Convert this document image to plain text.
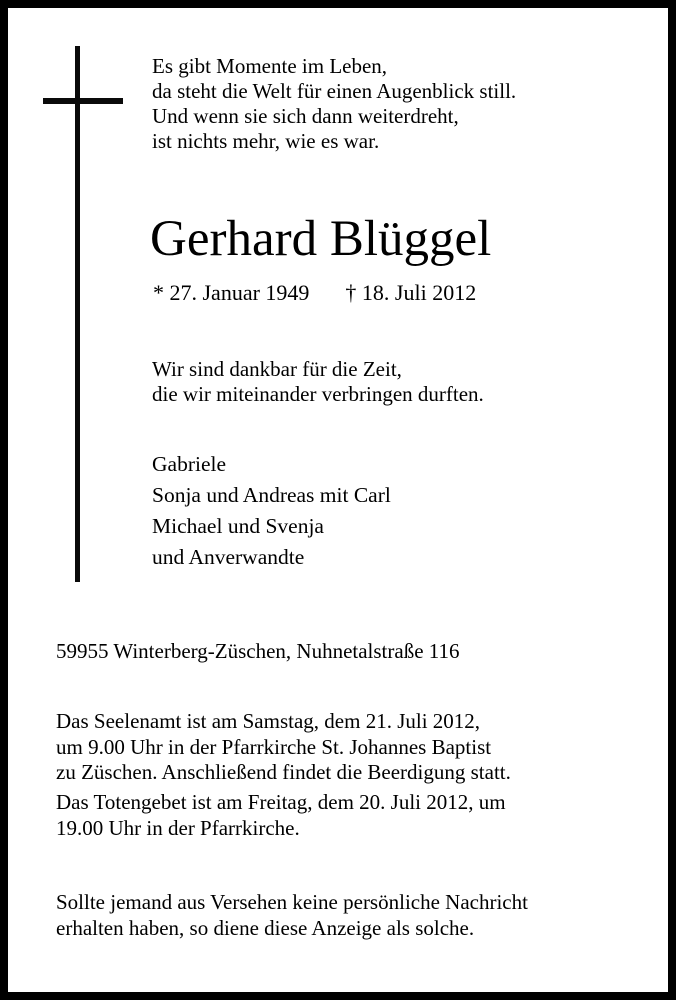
Es gibt Momente im Leben,
da steht die Welt für einen Augenblick still.
Und wenn sie sich dann weiterdreht,
ist nichts mehr, wie es war.
Gerhard Blüggel
* 27. Januar 1949 † 18. Juli 2012
Wir sind dankbar für die Zeit,
die wir miteinander verbringen durften.
Gabriele
Sonja und Andreas mit Carl
Michael und Svenja
und Anverwandte
59955 Winterberg-Züschen, Nuhnetalstraße 116
Das Seelenamt ist am Samstag, dem 21. Juli 2012,
um 9.00 Uhr in der Pfarrkirche St. Johannes Baptist
zu Züschen. Anschließend findet die Beerdigung statt.
Das Totengebet ist am Freitag, dem 20. Juli 2012, um
19.00 Uhr in der Pfarrkirche.
Sollte jemand aus Versehen keine persönliche Nachricht
erhalten haben, so diene diese Anzeige als solche.
